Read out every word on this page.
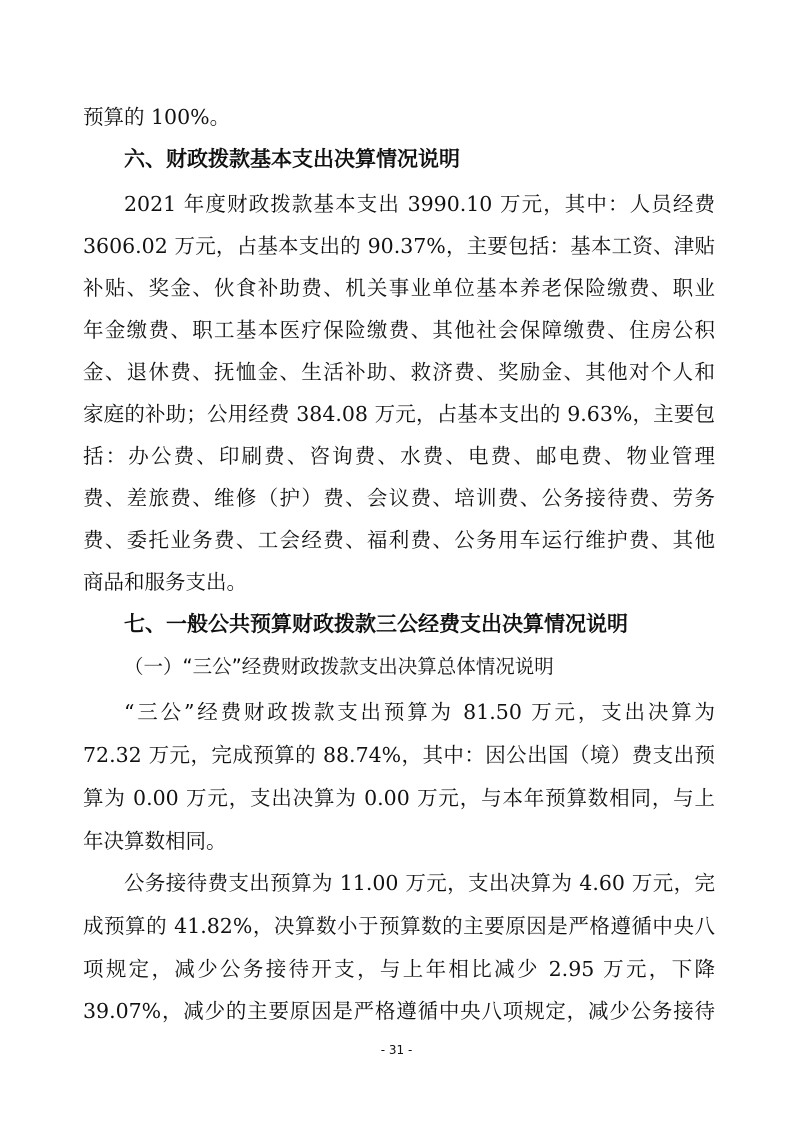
预算的 100%。
六、财政拨款基本支出决算情况说明
2021 年度财政拨款基本支出 3990.10 万元，其中：人员经费
3606.02 万元，占基本支出的 90.37%，主要包括：基本工资、津贴
补贴、奖金、伙食补助费、机关事业单位基本养老保险缴费、职业
年金缴费、职工基本医疗保险缴费、其他社会保障缴费、住房公积
金、退休费、抚恤金、生活补助、救济费、奖励金、其他对个人和
家庭的补助；公用经费 384.08 万元，占基本支出的 9.63%，主要包
括：办公费、印刷费、咨询费、水费、电费、邮电费、物业管理
费、差旅费、维修（护）费、会议费、培训费、公务接待费、劳务
费、委托业务费、工会经费、福利费、公务用车运行维护费、其他
商品和服务支出。
七、一般公共预算财政拨款三公经费支出决算情况说明
（一）“三公”经费财政拨款支出决算总体情况说明
“三公”经费财政拨款支出预算为 81.50 万元，支出决算为
72.32 万元，完成预算的 88.74%，其中：因公出国（境）费支出预
算为 0.00 万元，支出决算为 0.00 万元，与本年预算数相同，与上
年决算数相同。
公务接待费支出预算为 11.00 万元，支出决算为 4.60 万元，完
成预算的 41.82%，决算数小于预算数的主要原因是严格遵循中央八
项规定，减少公务接待开支，与上年相比减少 2.95 万元，下降
39.07%，减少的主要原因是严格遵循中央八项规定，减少公务接待
- 31 -
